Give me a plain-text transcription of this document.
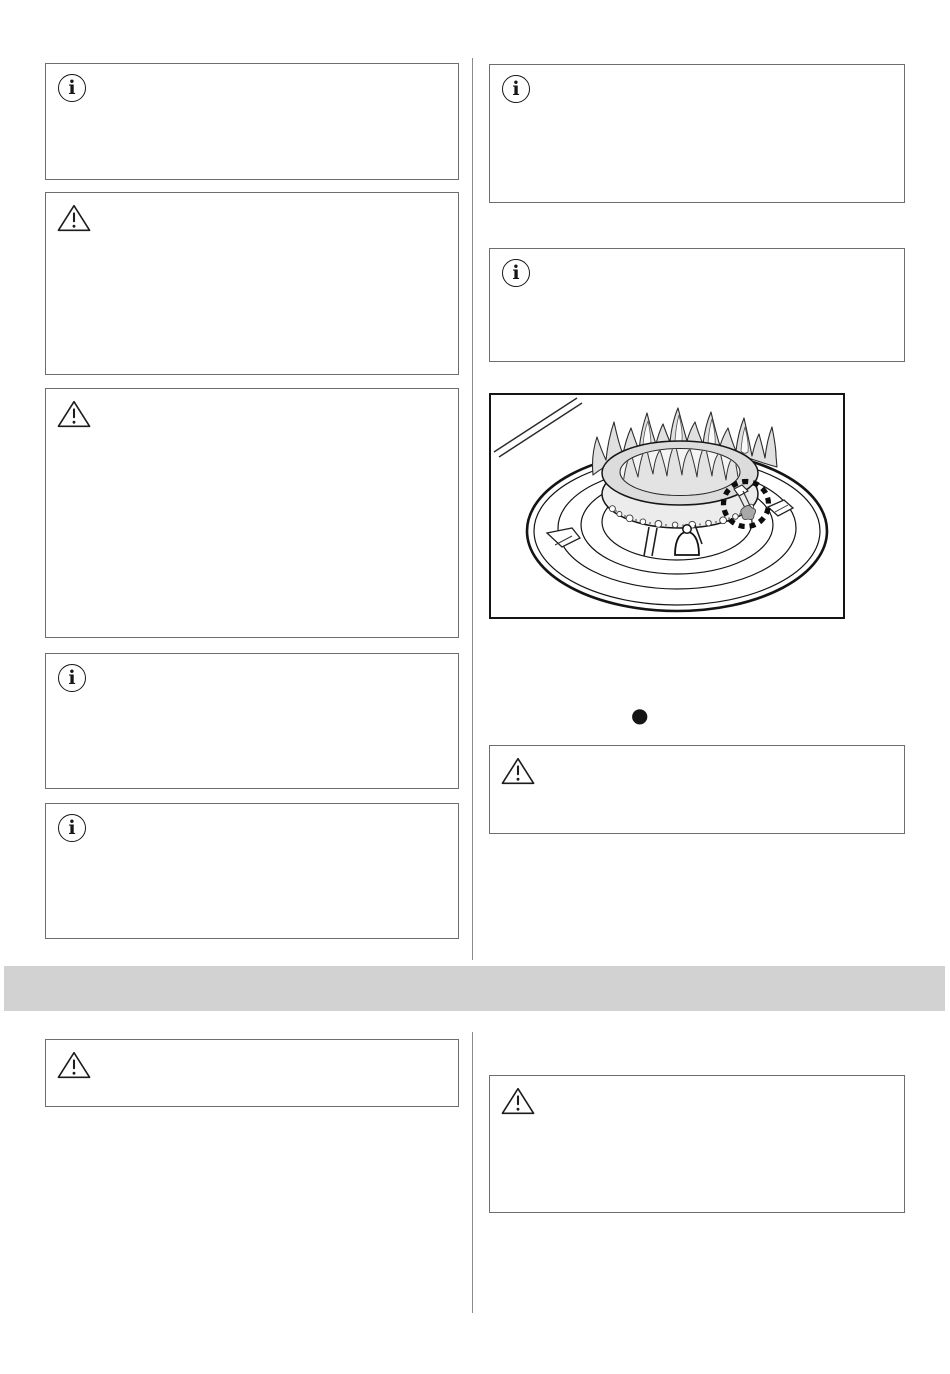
i
i
i
i
i
●
